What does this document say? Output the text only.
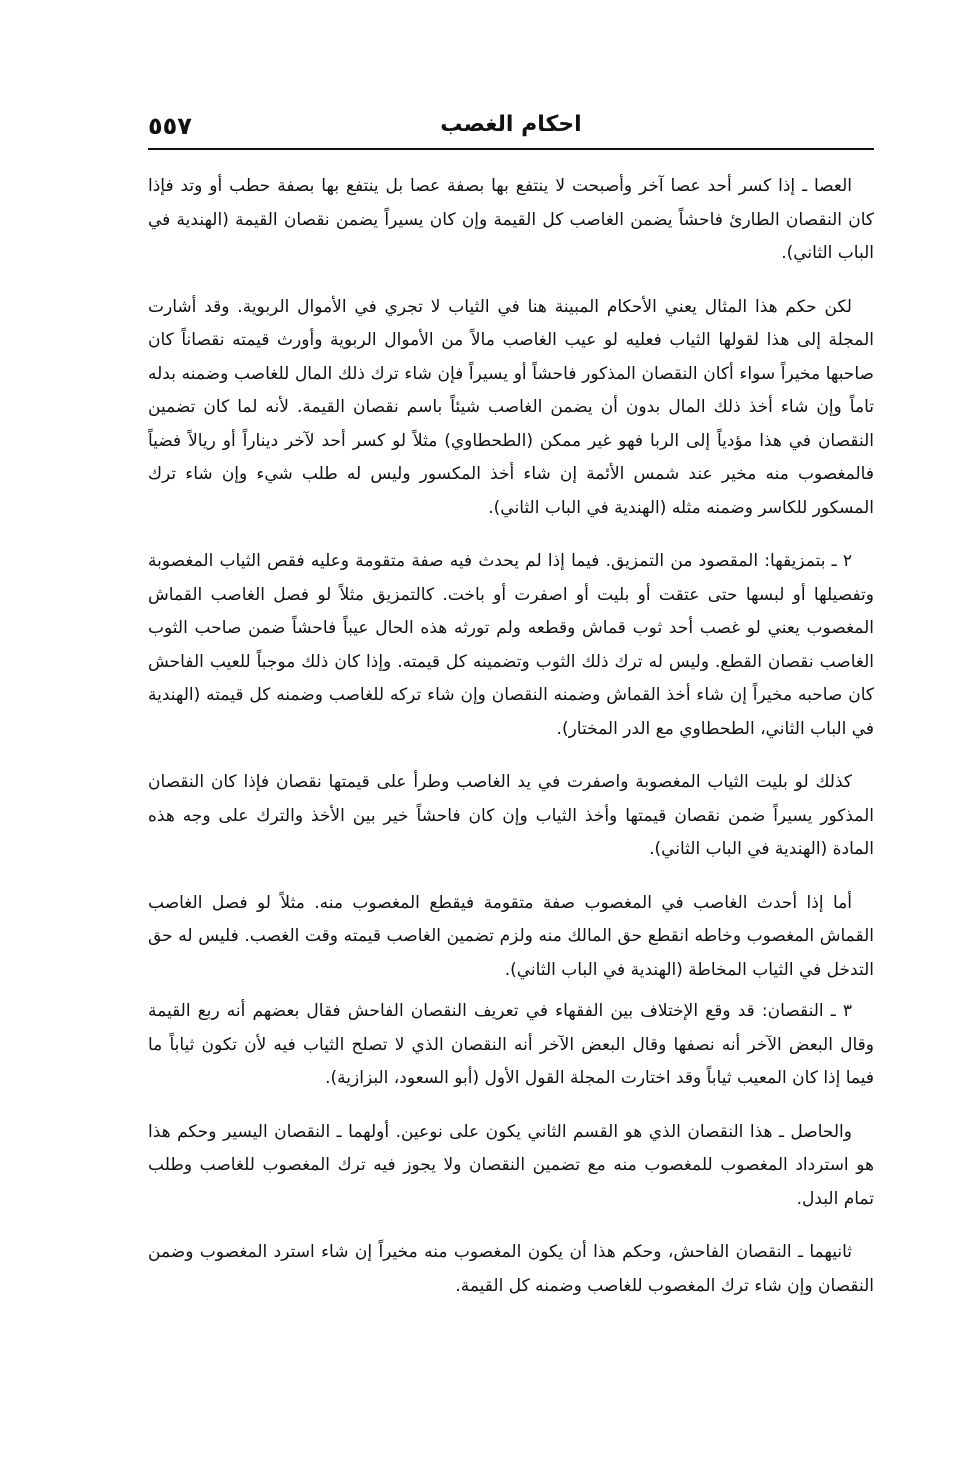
٥٥٧	احكام الغصب

العصا ـ إذا كسر أحد عصا آخر وأصبحت لا ينتفع بها بصفة عصا بل ينتفع بها بصفة حطب أو وتد فإذا كان النقصان الطارئ فاحشاً يضمن الغاصب كل القيمة وإن كان يسيراً يضمن نقصان القيمة (الهندية في الباب الثاني).

لكن حكم هذا المثال يعني الأحكام المبينة هنا في الثياب لا تجري في الأموال الربوية. وقد أشارت المجلة إلى هذا لقولها الثياب فعليه لو عيب الغاصب مالاً من الأموال الربوية وأورث قيمته نقصاناً كان صاحبها مخيراً سواء أكان النقصان المذكور فاحشاً أو يسيراً فإن شاء ترك ذلك المال للغاصب وضمنه بدله تاماً وإن شاء أخذ ذلك المال بدون أن يضمن الغاصب شيئاً باسم نقصان القيمة. لأنه لما كان تضمين النقصان في هذا مؤدياً إلى الربا فهو غير ممكن (الطحطاوي) مثلاً لو كسر أحد لآخر ديناراً أو ريالاً فضياً فالمغصوب منه مخير عند شمس الأئمة إن شاء أخذ المكسور وليس له طلب شيء وإن شاء ترك المسكور للكاسر وضمنه مثله (الهندية في الباب الثاني).

٢ ـ بتمزيقها: المقصود من التمزيق. فيما إذا لم يحدث فيه صفة متقومة وعليه فقص الثياب المغصوبة وتفصيلها أو لبسها حتى عتقت أو بليت أو اصفرت أو باخت. كالتمزيق مثلاً لو فصل الغاصب القماش المغصوب يعني لو غصب أحد ثوب قماش وقطعه ولم تورثه هذه الحال عيباً فاحشاً ضمن صاحب الثوب الغاصب نقصان القطع. وليس له ترك ذلك الثوب وتضمينه كل قيمته. وإذا كان ذلك موجباً للعيب الفاحش كان صاحبه مخيراً إن شاء أخذ القماش وضمنه النقصان وإن شاء تركه للغاصب وضمنه كل قيمته (الهندية في الباب الثاني، الطحطاوي مع الدر المختار).

كذلك لو بليت الثياب المغصوبة واصفرت في يد الغاصب وطرأ على قيمتها نقصان فإذا كان النقصان المذكور يسيراً ضمن نقصان قيمتها وأخذ الثياب وإن كان فاحشاً خير بين الأخذ والترك على وجه هذه المادة (الهندية في الباب الثاني).

أما إذا أحدث الغاصب في المغصوب صفة متقومة فيقطع المغصوب منه. مثلاً لو فصل الغاصب القماش المغصوب وخاطه انقطع حق المالك منه ولزم تضمين الغاصب قيمته وقت الغصب. فليس له حق التدخل في الثياب المخاطة (الهندية في الباب الثاني).

٣ ـ النقصان: قد وقع الإختلاف بين الفقهاء في تعريف النقصان الفاحش فقال بعضهم أنه ربع القيمة وقال البعض الآخر أنه نصفها وقال البعض الآخر أنه النقصان الذي لا تصلح الثياب فيه لأن تكون ثياباً ما فيما إذا كان المعيب ثياباً وقد اختارت المجلة القول الأول (أبو السعود، البزازية).

والحاصل ـ هذا النقصان الذي هو القسم الثاني يكون على نوعين. أولهما ـ النقصان اليسير وحكم هذا هو استرداد المغصوب للمغصوب منه مع تضمين النقصان ولا يجوز فيه ترك المغصوب للغاصب وطلب تمام البدل.

ثانيهما ـ النقصان الفاحش، وحكم هذا أن يكون المغصوب منه مخيراً إن شاء استرد المغصوب وضمن النقصان وإن شاء ترك المغصوب للغاصب وضمنه كل القيمة.
